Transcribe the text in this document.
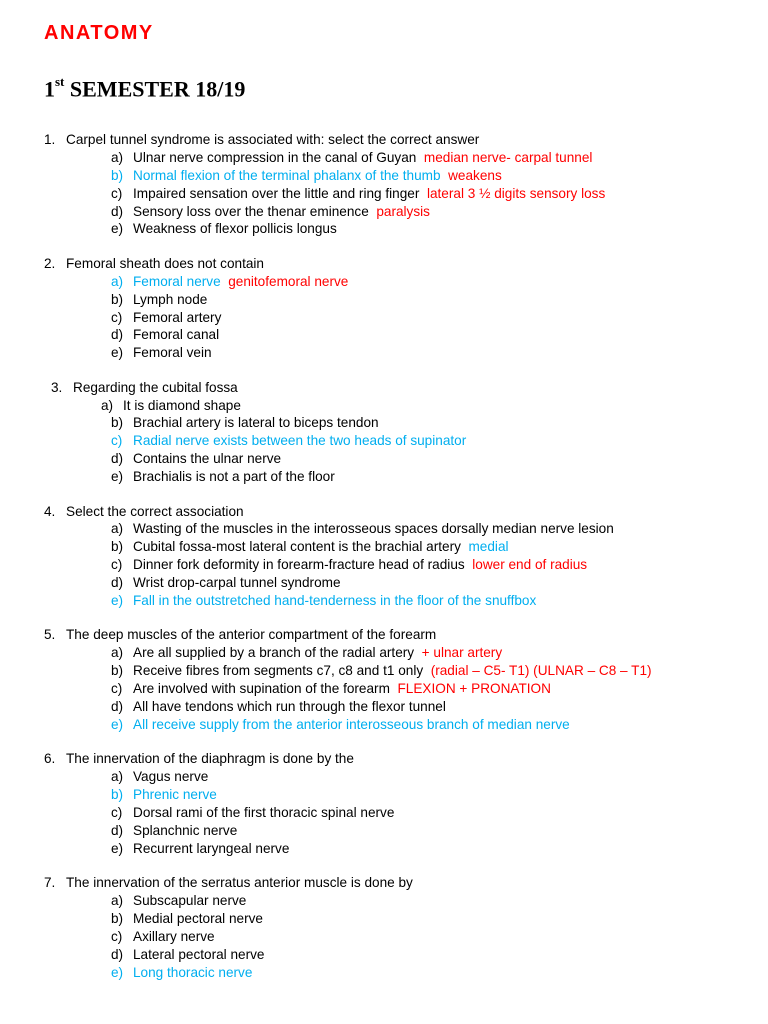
ANATOMY
1st SEMESTER 18/19
1. Carpel tunnel syndrome is associated with: select the correct answer
a) Ulnar nerve compression in the canal of Guyan  median nerve- carpal tunnel
b) Normal flexion of the terminal phalanx of the thumb  weakens
c) Impaired sensation over the little and ring finger  lateral 3 ½ digits sensory loss
d) Sensory loss over the thenar eminence  paralysis
e) Weakness of flexor pollicis longus
2. Femoral sheath does not contain
a) Femoral nerve  genitofemoral nerve
b) Lymph node
c) Femoral artery
d) Femoral canal
e) Femoral vein
3. Regarding the cubital fossa
a) It is diamond shape
b) Brachial artery is lateral to biceps tendon
c) Radial nerve exists between the two heads of supinator
d) Contains the ulnar nerve
e) Brachialis is not a part of the floor
4. Select the correct association
a) Wasting of the muscles in the interosseous spaces dorsally median nerve lesion
b) Cubital fossa-most lateral content is the brachial artery  medial
c) Dinner fork deformity in forearm-fracture head of radius  lower end of radius
d) Wrist drop-carpal tunnel syndrome
e) Fall in the outstretched hand-tenderness in the floor of the snuffbox
5. The deep muscles of the anterior compartment of the forearm
a) Are all supplied by a branch of the radial artery  + ulnar artery
b) Receive fibres from segments c7, c8 and t1 only  (radial – C5- T1) (ULNAR – C8 – T1)
c) Are involved with supination of the forearm  FLEXION + PRONATION
d) All have tendons which run through the flexor tunnel
e) All receive supply from the anterior interosseous branch of median nerve
6. The innervation of the diaphragm is done by the
a) Vagus nerve
b) Phrenic nerve
c) Dorsal rami of the first thoracic spinal nerve
d) Splanchnic nerve
e) Recurrent laryngeal nerve
7. The innervation of the serratus anterior muscle is done by
a) Subscapular nerve
b) Medial pectoral nerve
c) Axillary nerve
d) Lateral pectoral nerve
e) Long thoracic nerve
